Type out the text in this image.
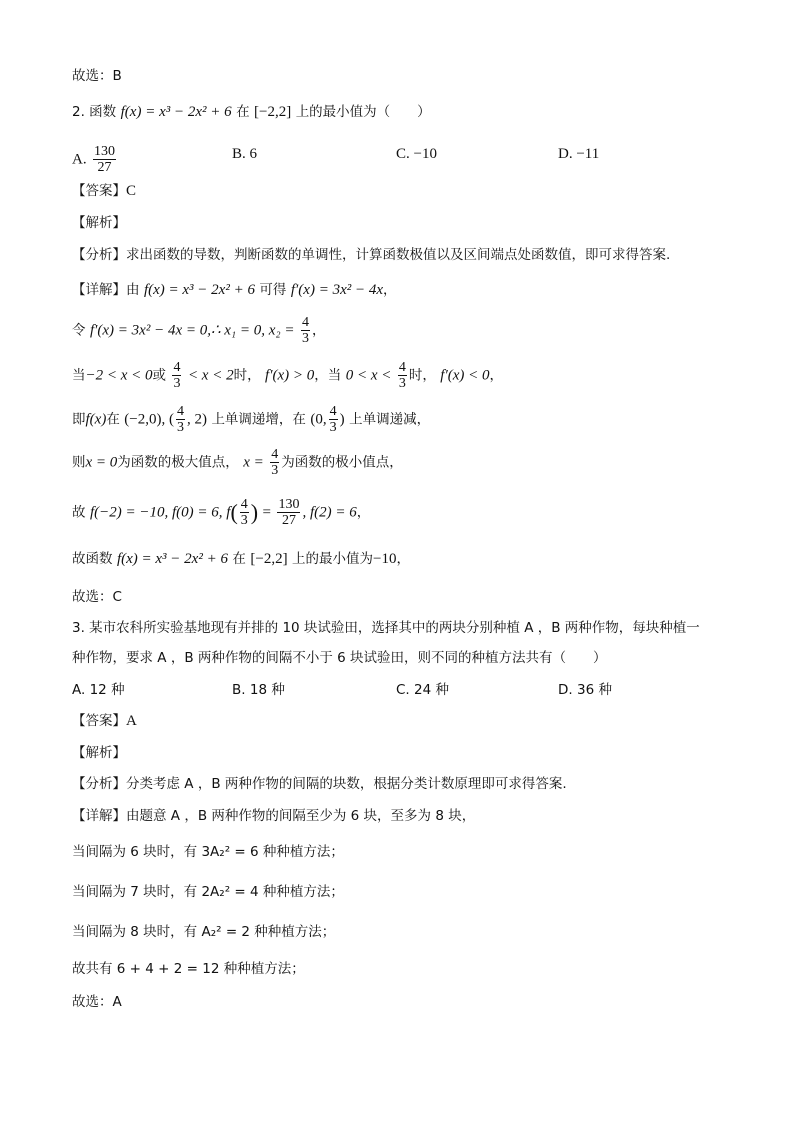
故选：B
2. 函数 f(x) = x³ − 2x² + 6 在 [−2,2] 上的最小值为（　　）
A. $\frac{130}{27}$	B. 6	C. −10	D. −11
【答案】C
【解析】
【分析】求出函数的导数，判断函数的单调性，计算函数极值以及区间端点处函数值，即可求得答案.
【详解】由 f(x) = x³ − 2x² + 6 可得 f′(x) = 3x² − 4x，
令 f′(x) = 3x² − 4x = 0,∴ x₁ = 0, $x_2 = \frac{4}{3}$ ，
当−2 < x < 0或 $\frac{4}{3} < x < 2$时， f′(x) > 0，当 $0 < x < \frac{4}{3}$ 时， f′(x) < 0，
即f(x)在 (−2,0), ( $\frac{4}{3}$ , 2) 上单调递增，在 (0, $\frac{4}{3}$ ) 上单调递减，
则x = 0为函数的极大值点， $x = \frac{4}{3}$ 为函数的极小值点，
故 f(−2) = −10, f(0) = 6, $f( \frac{4}{3}$ ) = $\frac{130}{27}$ , f(2) = 6，
故函数 f(x) = x³ − 2x² + 6 在 [−2,2] 上的最小值为−10，
故选：C
3. 某市农科所实验基地现有并排的 10 块试验田，选择其中的两块分别种植 A ，B 两种作物，每块种植一
种作物，要求 A ，B 两种作物的间隔不小于 6 块试验田，则不同的种植方法共有（　　）
A. 12 种	B. 18 种	C. 24 种	D. 36 种
【答案】A
【解析】
【分析】分类考虑 A ，B 两种作物的间隔的块数，根据分类计数原理即可求得答案.
【详解】由题意 A ，B 两种作物的间隔至少为 6 块，至多为 8 块，
当间隔为 6 块时，有 3A₂² = 6 种种植方法；
当间隔为 7 块时，有 2A₂² = 4 种种植方法；
当间隔为 8 块时，有 A₂² = 2 种种植方法；
故共有 6 + 4 + 2 = 12 种种植方法；
故选：A
